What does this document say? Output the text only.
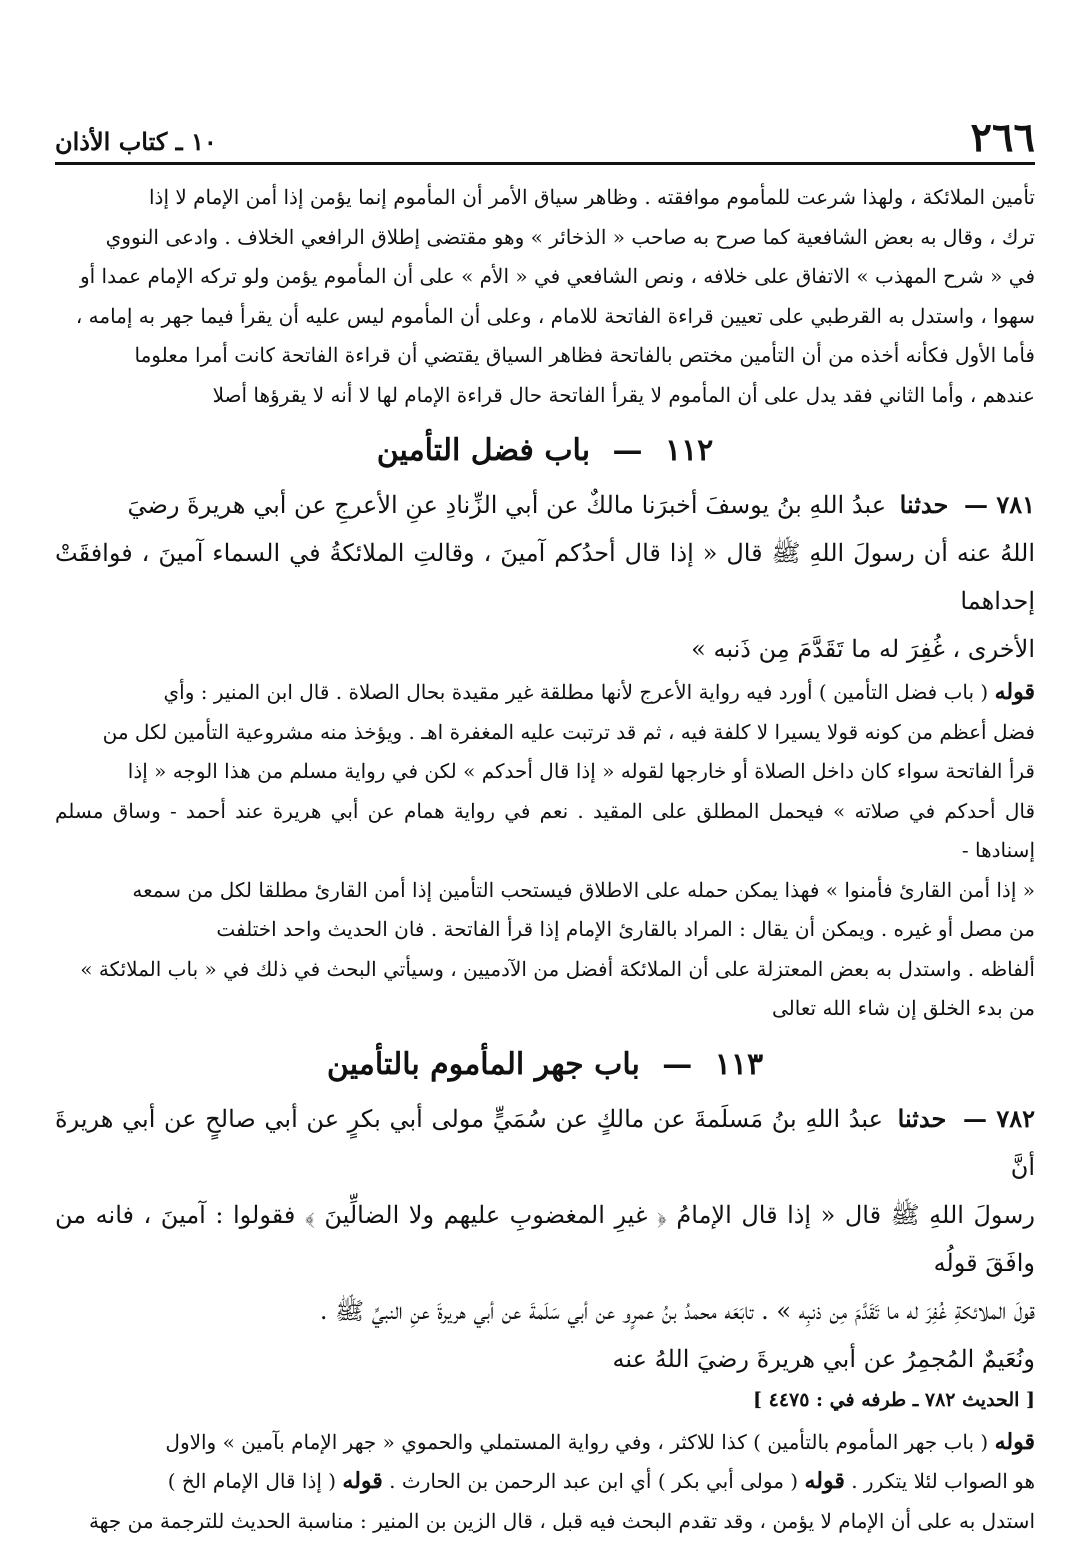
٢٦٦
١٠ ـ كتاب الأذان
تأمين الملائكة ، ولهذا شرعت للمأموم موافقته . وظاهر سياق الأمر أن المأموم إنما يؤمن إذا أمن الإمام لا إذا
ترك ، وقال به بعض الشافعية كما صرح به صاحب « الذخائر » وهو مقتضى إطلاق الرافعي الخلاف . وادعى النووي
في « شرح المهذب » الاتفاق على خلافه ، ونص الشافعي في « الأم » على أن المأموم يؤمن ولو تركه الإمام عمدا أو
سهوا ، واستدل به القرطبي على تعيين قراءة الفاتحة للامام ، وعلى أن المأموم ليس عليه أن يقرأ فيما جهر به إمامه ،
فأما الأول فكأنه أخذه من أن التأمين مختص بالفاتحة فظاهر السياق يقتضي أن قراءة الفاتحة كانت أمرا معلوما
عندهم ، وأما الثاني فقد يدل على أن المأموم لا يقرأ الفاتحة حال قراءة الإمام لها لا أنه لا يقرؤها أصلا
١١٢ — باب فضل التأمين
٧٨١ — حدثنا عبدُ اللهِ بنُ يوسفَ أخبرَنا مالكٌ عن أبي الزِّنادِ عنِ الأعرجِ عن أبي هريرةَ رضيَ
اللهُ عنه أن رسولَ اللهِ ﷺ قال « إذا قال أحدُكم آمينَ ، وقالتِ الملائكةُ في السماء آمينَ ، فوافقَتْ إحداهما
الأخرى ، غُفِرَ له ما تَقَدَّمَ مِن ذَنبه »
قوله ( باب فضل التأمين ) أورد فيه رواية الأعرج لأنها مطلقة غير مقيدة بحال الصلاة . قال ابن المنير : وأي
فضل أعظم من كونه قولا يسيرا لا كلفة فيه ، ثم قد ترتبت عليه المغفرة اهـ . ويؤخذ منه مشروعية التأمين لكل من
قرأ الفاتحة سواء كان داخل الصلاة أو خارجها لقوله « إذا قال أحدكم » لكن في رواية مسلم من هذا الوجه « إذا
قال أحدكم في صلاته » فيحمل المطلق على المقيد . نعم في رواية همام عن أبي هريرة عند أحمد - وساق مسلم إسنادها -
« إذا أمن القارئ فأمنوا » فهذا يمكن حمله على الاطلاق فيستحب التأمين إذا أمن القارئ مطلقا لكل من سمعه
من مصل أو غيره . ويمكن أن يقال : المراد بالقارئ الإمام إذا قرأ الفاتحة . فان الحديث واحد اختلفت
ألفاظه . واستدل به بعض المعتزلة على أن الملائكة أفضل من الآدميين ، وسيأتي البحث في ذلك في « باب الملائكة »
من بدء الخلق إن شاء الله تعالى
١١٣ — باب جهر المأموم بالتأمين
٧٨٢ — حدثنا عبدُ اللهِ بنُ مَسلَمةَ عن مالكٍ عن سُمَيٍّ مولى أبي بكرٍ عن أبي صالحٍ عن أبي هريرةَ أنَّ
رسولَ اللهِ ﷺ قال « إذا قال الإمامُ ﴿ غيرِ المغضوبِ عليهم ولا الضالِّينَ ﴾ فقولوا : آمينَ ، فانه من وافَقَ قولُه
قولَ الملائكةِ غُفِرَ له ما تَقَدَّمَ مِن ذنبِه » . تابَعَه محمدُ بنُ عمرٍو عن أبي سَلَمةَ عن أبي هريرةَ عنِ النبيِّ ﷺ .
ونُعَيمٌ المُجمِرُ عن أبي هريرةَ رضيَ اللهُ عنه
[ الحديث ٧٨٢ ـ طرفه في : ٤٤٧٥ ]
قوله ( باب جهر المأموم بالتأمين ) كذا للاكثر ، وفي رواية المستملي والحموي « جهر الإمام بآمين » والاول
هو الصواب لئلا يتكرر . قوله ( مولى أبي بكر ) أي ابن عبد الرحمن بن الحارث . قوله ( إذا قال الإمام الخ )
استدل به على أن الإمام لا يؤمن ، وقد تقدم البحث فيه قبل ، قال الزين بن المنير : مناسبة الحديث للترجمة من جهة
